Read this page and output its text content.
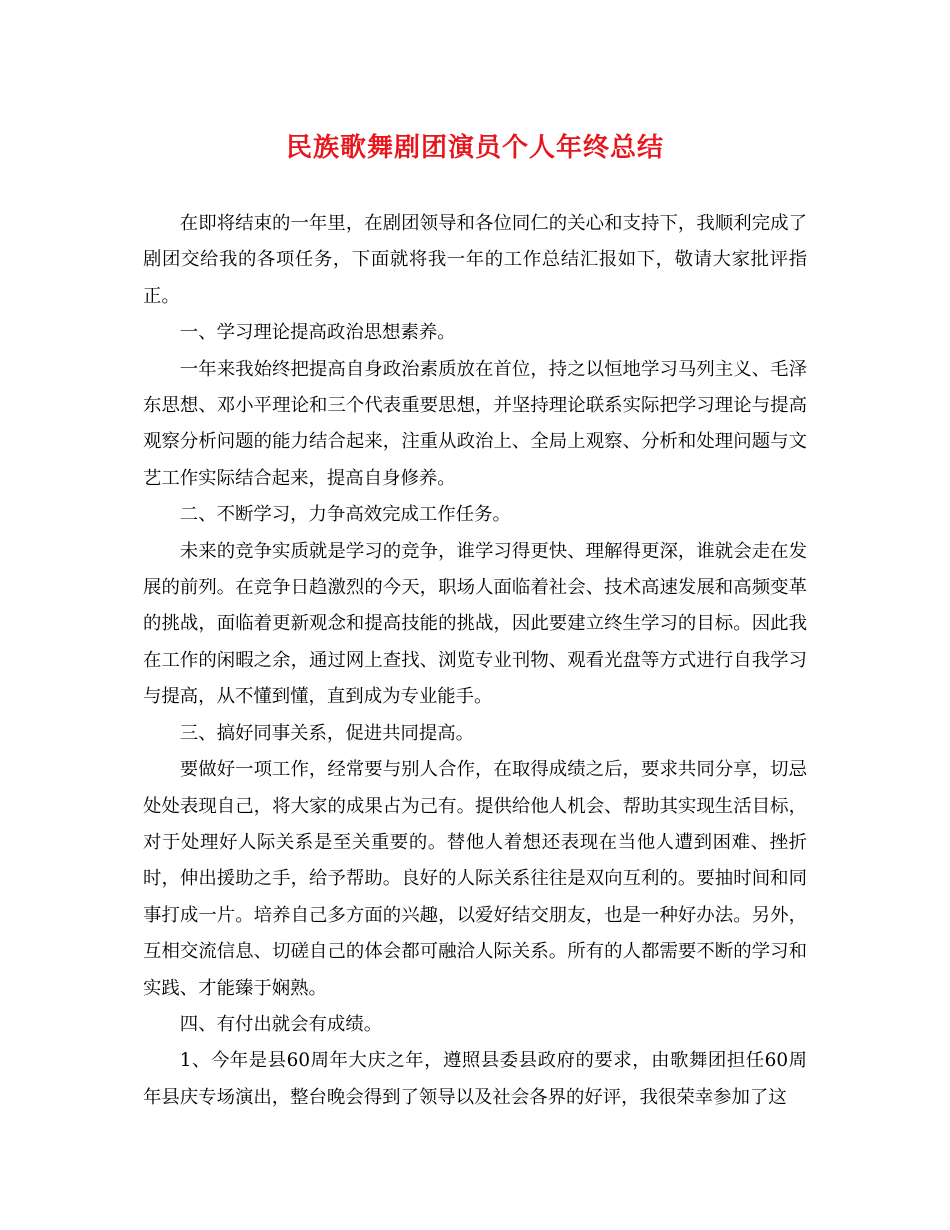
民族歌舞剧团演员个人年终总结

在即将结束的一年里，在剧团领导和各位同仁的关心和支持下，我顺利完成了剧团交给我的各项任务，下面就将我一年的工作总结汇报如下，敬请大家批评指正。

一、学习理论提高政治思想素养。

一年来我始终把提高自身政治素质放在首位，持之以恒地学习马列主义、毛泽东思想、邓小平理论和三个代表重要思想，并坚持理论联系实际把学习理论与提高观察分析问题的能力结合起来，注重从政治上、全局上观察、分析和处理问题与文艺工作实际结合起来，提高自身修养。

二、不断学习，力争高效完成工作任务。

未来的竞争实质就是学习的竞争，谁学习得更快、理解得更深，谁就会走在发展的前列。在竞争日趋激烈的今天，职场人面临着社会、技术高速发展和高频变革的挑战，面临着更新观念和提高技能的挑战，因此要建立终生学习的目标。因此我在工作的闲暇之余，通过网上查找、浏览专业刊物、观看光盘等方式进行自我学习与提高，从不懂到懂，直到成为专业能手。

三、搞好同事关系，促进共同提高。

要做好一项工作，经常要与别人合作，在取得成绩之后，要求共同分享，切忌处处表现自己，将大家的成果占为己有。提供给他人机会、帮助其实现生活目标，对于处理好人际关系是至关重要的。替他人着想还表现在当他人遭到困难、挫折时，伸出援助之手，给予帮助。良好的人际关系往往是双向互利的。要抽时间和同事打成一片。培养自己多方面的兴趣，以爱好结交朋友，也是一种好办法。另外，互相交流信息、切磋自己的体会都可融洽人际关系。所有的人都需要不断的学习和实践、才能臻于娴熟。

四、有付出就会有成绩。

1、今年是县60周年大庆之年，遵照县委县政府的要求，由歌舞团担任60周年县庆专场演出，整台晚会得到了领导以及社会各界的好评，我很荣幸参加了这
